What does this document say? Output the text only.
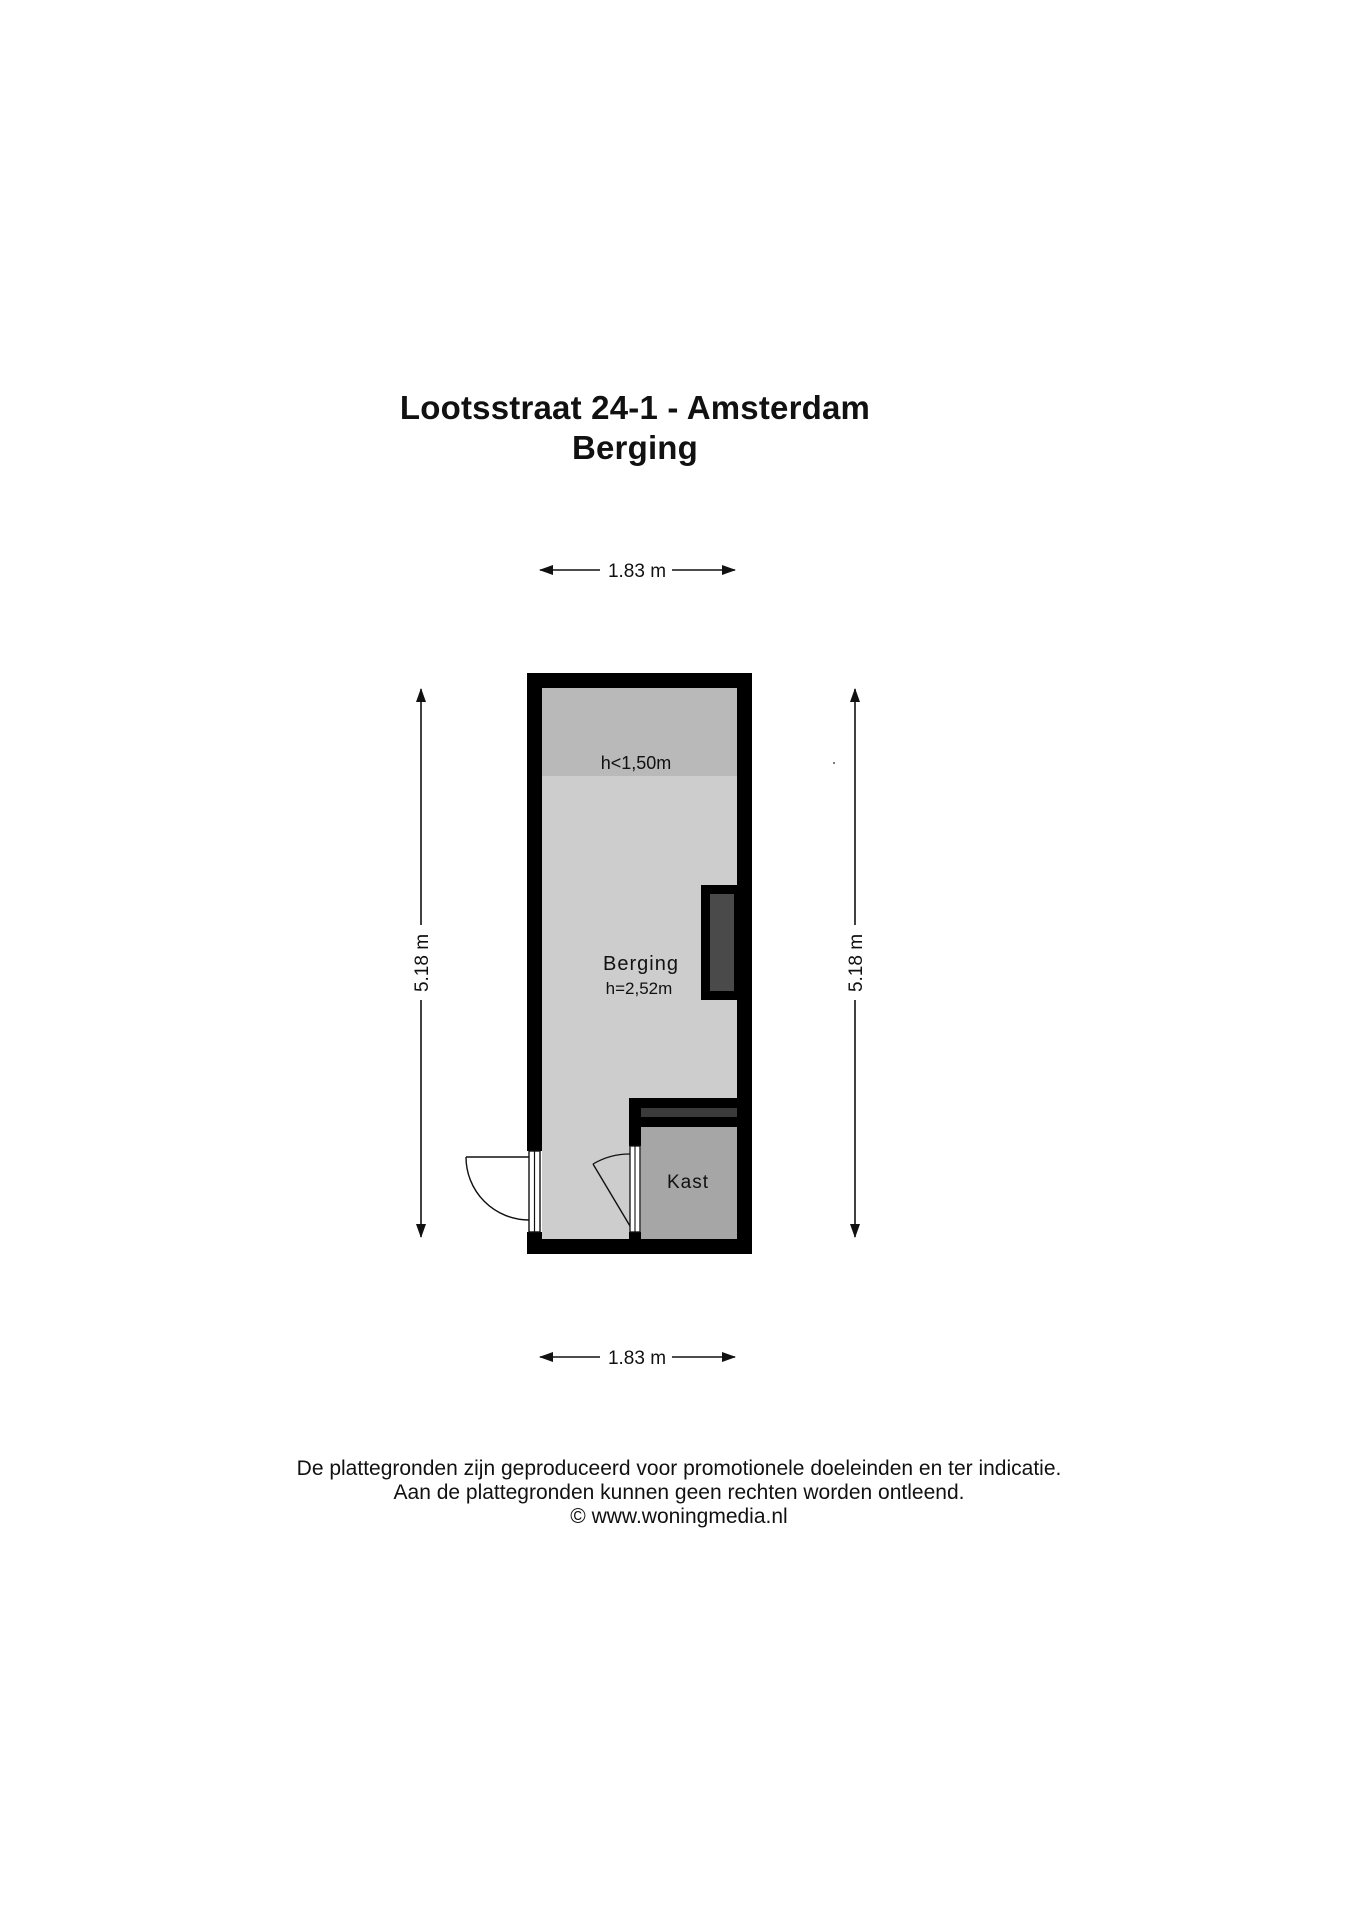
Lootsstraat 24-1 - Amsterdam
Berging
1.83 m
1.83 m
5.18 m	5.18 m
h<1,50m
Berging
h=2,52m
Kast
De plattegronden zijn geproduceerd voor promotionele doeleinden en ter indicatie.
Aan de plattegronden kunnen geen rechten worden ontleend.
© www.woningmedia.nl
